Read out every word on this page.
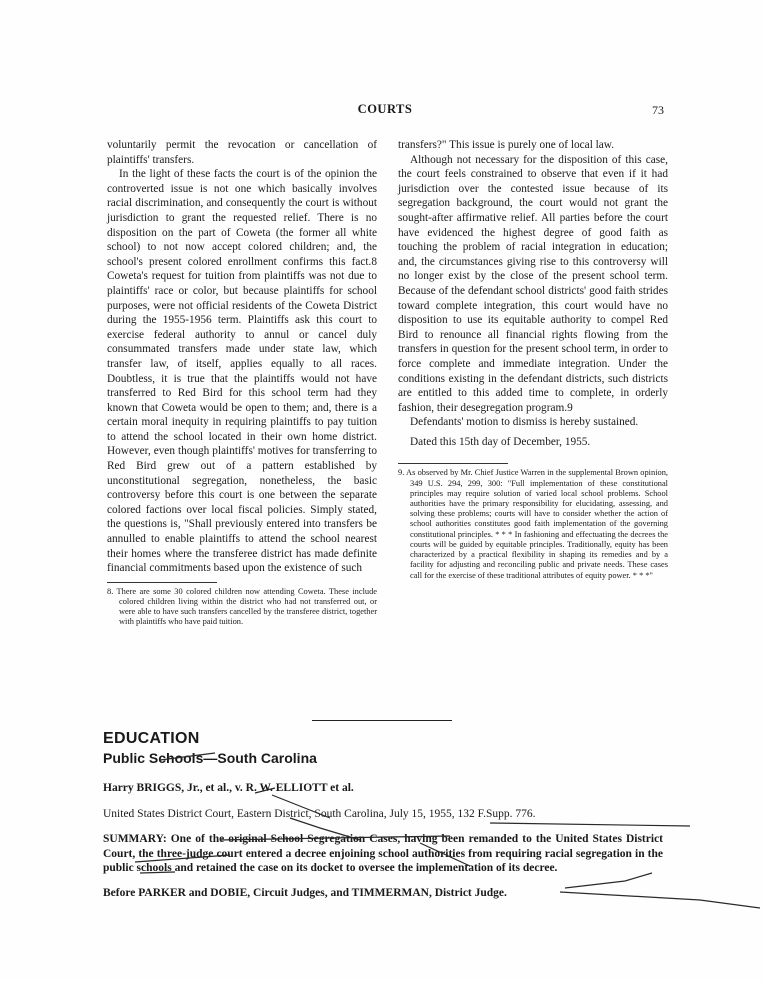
COURTS	73

voluntarily permit the revocation or cancellation of plaintiffs' transfers.

In the light of these facts the court is of the opinion the controverted issue is not one which basically involves racial discrimination, and consequently the court is without jurisdiction to grant the requested relief. There is no disposition on the part of Coweta (the former all white school) to not now accept colored children; and, the school's present colored enrollment confirms this fact.8 Coweta's request for tuition from plaintiffs was not due to plaintiffs' race or color, but because plaintiffs for school purposes, were not official residents of the Coweta District during the 1955-1956 term. Plaintiffs ask this court to exercise federal authority to annul or cancel duly consummated transfers made under state law, which transfer law, of itself, applies equally to all races. Doubtless, it is true that the plaintiffs would not have transferred to Red Bird for this school term had they known that Coweta would be open to them; and, there is a certain moral inequity in requiring plaintiffs to pay tuition to attend the school located in their own home district. However, even though plaintiffs' motives for transferring to Red Bird grew out of a pattern established by unconstitutional segregation, nonetheless, the basic controversy before this court is one between the separate colored factions over local fiscal policies. Simply stated, the questions is, "Shall previously entered into transfers be annulled to enable plaintiffs to attend the school nearest their homes where the transferee district has made definite financial commitments based upon the existence of such

8. There are some 30 colored children now attending Coweta. These include colored children living within the district who had not transferred out, or were able to have such transfers cancelled by the transferee district, together with plaintiffs who have paid tuition.

transfers?" This issue is purely one of local law.

Although not necessary for the disposition of this case, the court feels constrained to observe that even if it had jurisdiction over the contested issue because of its segregation background, the court would not grant the sought-after affirmative relief. All parties before the court have evidenced the highest degree of good faith as touching the problem of racial integration in education; and, the circumstances giving rise to this controversy will no longer exist by the close of the present school term. Because of the defendant school districts' good faith strides toward complete integration, this court would have no disposition to use its equitable authority to compel Red Bird to renounce all financial rights flowing from the transfers in question for the present school term, in order to force complete and immediate integration. Under the conditions existing in the defendant districts, such districts are entitled to this added time to complete, in orderly fashion, their desegregation program.9

Defendants' motion to dismiss is hereby sustained.

Dated this 15th day of December, 1955.

9. As observed by Mr. Chief Justice Warren in the supplemental Brown opinion, 349 U.S. 294, 299, 300: "Full implementation of these constitutional principles may require solution of varied local school problems. School authorities have the primary responsibility for elucidating, assessing, and solving these problems; courts will have to consider whether the action of school authorities constitutes good faith implementation of the governing constitutional principles. * * * In fashioning and effectuating the decrees the courts will be guided by equitable principles. Traditionally, equity has been characterized by a practical flexibility in shaping its remedies and by a facility for adjusting and reconciling public and private needs. These cases call for the exercise of these traditional attributes of equity power. * * *"

EDUCATION
Public Schools—South Carolina
Harry BRIGGS, Jr., et al., v. R. W. ELLIOTT et al.
United States District Court, Eastern District, South Carolina, July 15, 1955, 132 F.Supp. 776.
SUMMARY: One of the original School Segregation Cases, having been remanded to the United States District Court, the three-judge court entered a decree enjoining school authorities from requiring racial segregation in the public schools and retained the case on its docket to oversee the implementation of its decree.
Before PARKER and DOBIE, Circuit Judges, and TIMMERMAN, District Judge.
